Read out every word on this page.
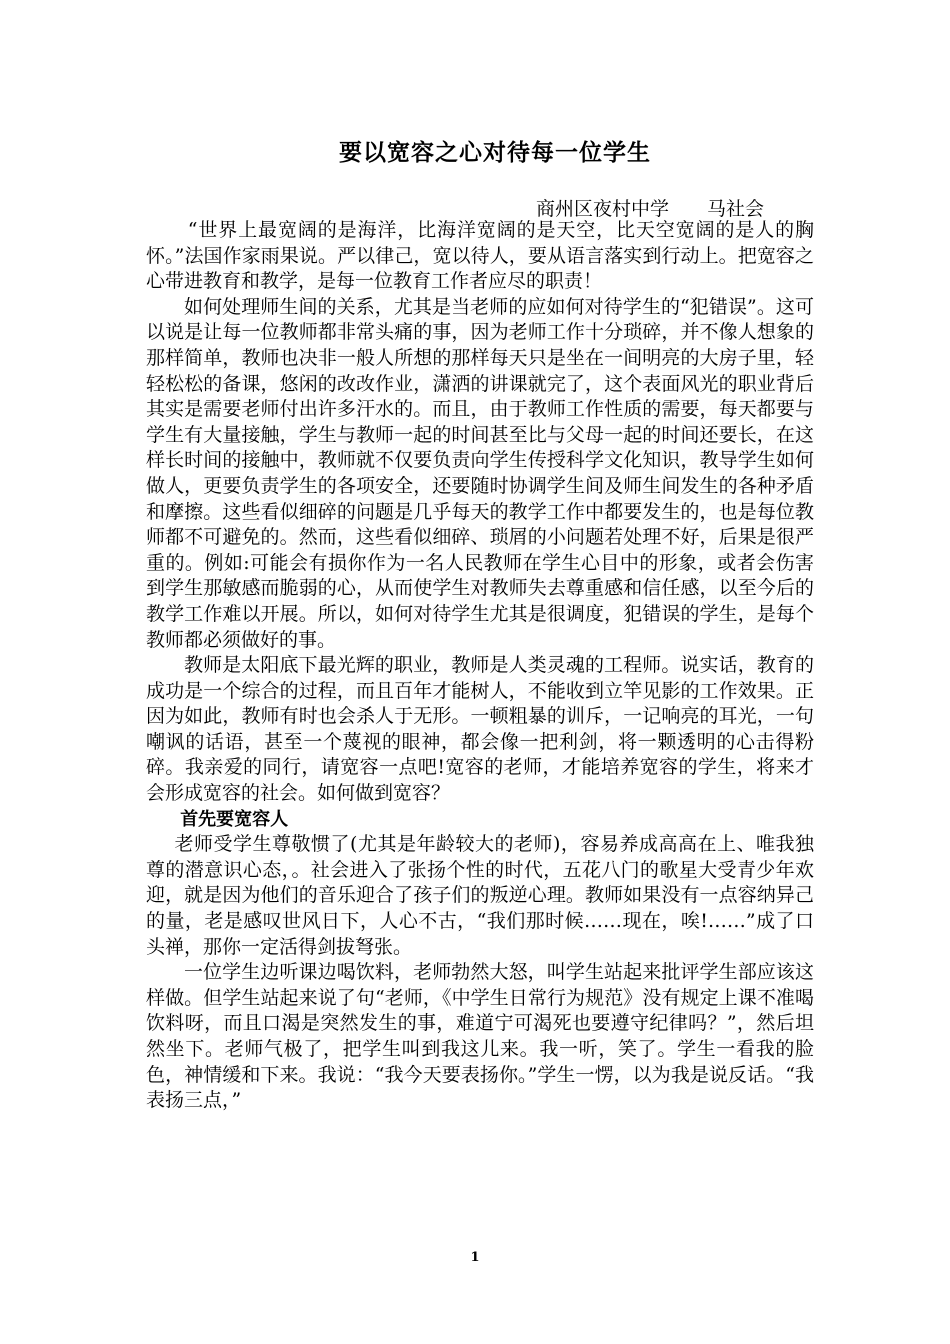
要以宽容之心对待每一位学生
商州区夜村中学　　马社会

“世界上最宽阔的是海洋，比海洋宽阔的是天空，比天空宽阔的是人的胸怀。”法国作家雨果说。严以律己，宽以待人，要从语言落实到行动上。把宽容之心带进教育和教学，是每一位教育工作者应尽的职责！

如何处理师生间的关系，尤其是当老师的应如何对待学生的“犯错误”。这可以说是让每一位教师都非常头痛的事，因为老师工作十分琐碎，并不像人想象的那样简单，教师也决非一般人所想的那样每天只是坐在一间明亮的大房子里，轻轻松松的备课，悠闲的改改作业，潇洒的讲课就完了，这个表面风光的职业背后其实是需要老师付出许多汗水的。而且，由于教师工作性质的需要，每天都要与学生有大量接触，学生与教师一起的时间甚至比与父母一起的时间还要长，在这样长时间的接触中，教师就不仅要负责向学生传授科学文化知识，教导学生如何做人，更要负责学生的各项安全，还要随时协调学生间及师生间发生的各种矛盾和摩擦。这些看似细碎的问题是几乎每天的教学工作中都要发生的，也是每位教师都不可避免的。然而，这些看似细碎、琐屑的小问题若处理不好，后果是很严重的。例如:可能会有损你作为一名人民教师在学生心目中的形象，或者会伤害到学生那敏感而脆弱的心，从而使学生对教师失去尊重感和信任感，以至今后的教学工作难以开展。所以，如何对待学生尤其是很调度，犯错误的学生，是每个教师都必须做好的事。

教师是太阳底下最光辉的职业，教师是人类灵魂的工程师。说实话，教育的成功是一个综合的过程，而且百年才能树人，不能收到立竿见影的工作效果。正因为如此，教师有时也会杀人于无形。一顿粗暴的训斥，一记响亮的耳光，一句嘲讽的话语，甚至一个蔑视的眼神，都会像一把利剑，将一颗透明的心击得粉碎。我亲爱的同行，请宽容一点吧!宽容的老师，才能培养宽容的学生，将来才会形成宽容的社会。如何做到宽容？

首先要宽容人

老师受学生尊敬惯了(尤其是年龄较大的老师)，容易养成高高在上、唯我独尊的潜意识心态，。社会进入了张扬个性的时代，五花八门的歌星大受青少年欢迎，就是因为他们的音乐迎合了孩子们的叛逆心理。教师如果没有一点容纳异己的量，老是感叹世风日下，人心不古，“我们那时候……现在，唉!……”成了口头禅，那你一定活得剑拔弩张。

一位学生边听课边喝饮料，老师勃然大怒，叫学生站起来批评学生部应该这样做。但学生站起来说了句“老师，《中学生日常行为规范》没有规定上课不准喝饮料呀，而且口渴是突然发生的事，难道宁可渴死也要遵守纪律吗？”，然后坦然坐下。老师气极了，把学生叫到我这儿来。我一听，笑了。学生一看我的脸色，神情缓和下来。我说：“我今天要表扬你。”学生一愣，以为我是说反话。“我表扬三点，”

1
